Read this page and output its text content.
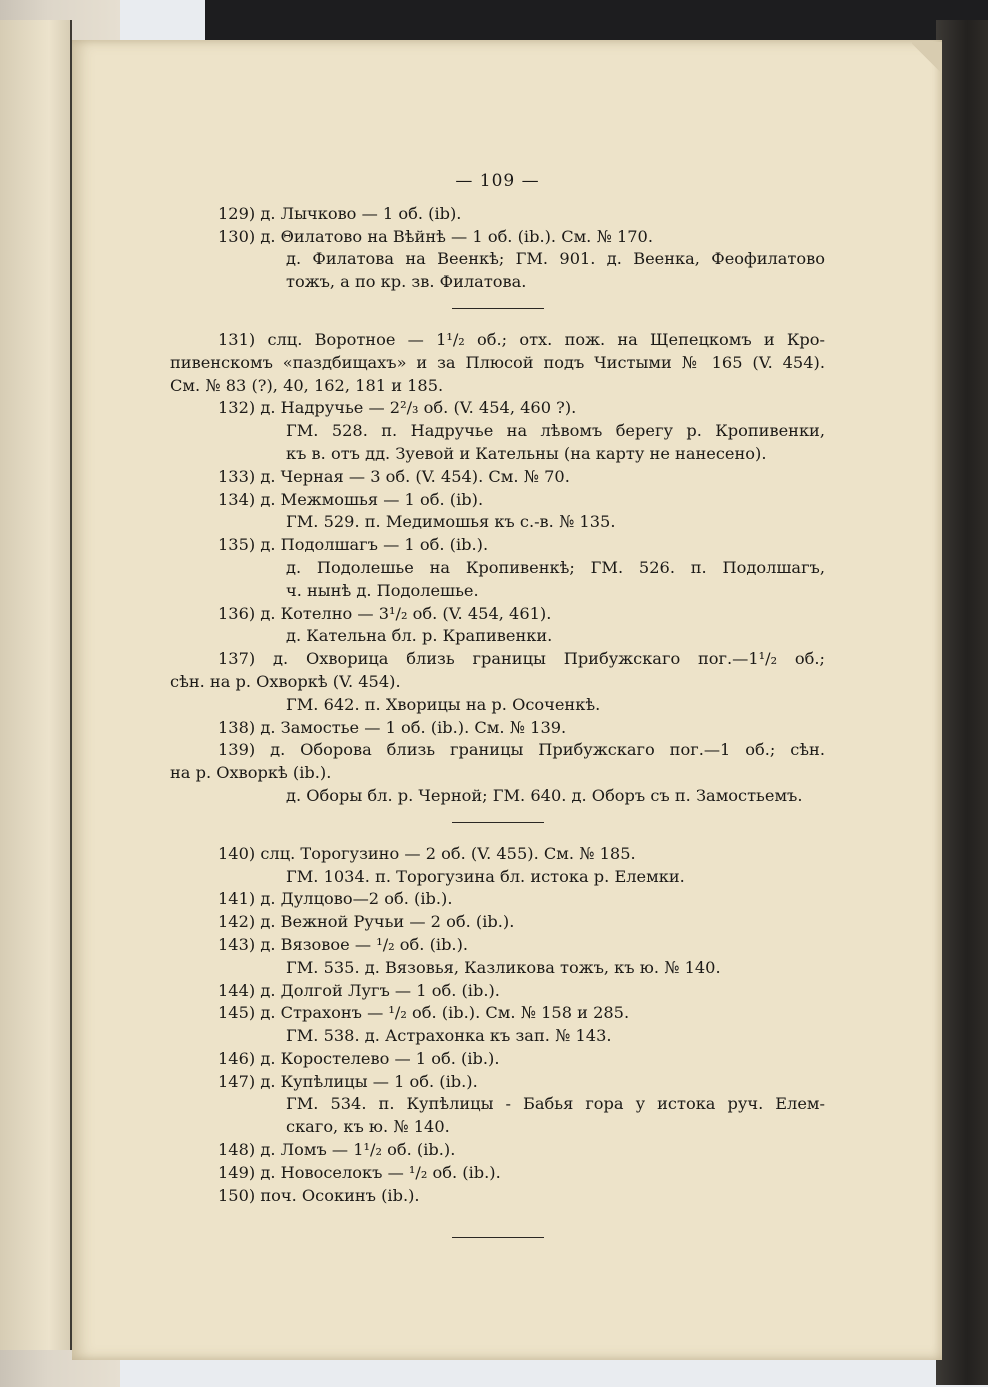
— 109 —
129) д. Лычково — 1 об. (ib).
130) д. Θилатово на Вѣйнѣ — 1 об. (ib.). См. № 170.
д. Филатова на Веенкѣ; ГМ. 901. д. Веенка, Феофилатово
тожъ, а по кр. зв. Филатова.
131) слц. Воротное — 1¹/₂ об.; отх. пож. на Щепецкомъ и Кро-
пивенскомъ «паздбищахъ» и за Плюсой подъ Чистыми № 165 (V. 454).
См. № 83 (?), 40, 162, 181 и 185.
132) д. Надручье — 2²/₃ об. (V. 454, 460 ?).
ГМ. 528. п. Надручье на лѣвомъ берегу р. Кропивенки,
къ в. отъ дд. Зуевой и Кательны (на карту не нанесено).
133) д. Черная — 3 об. (V. 454). См. № 70.
134) д. Межмошья — 1 об. (ib).
ГМ. 529. п. Медимошья къ с.-в. № 135.
135) д. Подолшагъ — 1 об. (ib.).
д. Подолешье на Кропивенкѣ; ГМ. 526. п. Подолшагъ,
ч. нынѣ д. Подолешье.
136) д. Котелно — 3¹/₂ об. (V. 454, 461).
д. Кательна бл. р. Крапивенки.
137) д. Охворица близь границы Прибужскаго пог.—1¹/₂ об.;
сѣн. на р. Охворкѣ (V. 454).
ГМ. 642. п. Хворицы на р. Осоченкѣ.
138) д. Замостье — 1 об. (ib.). См. № 139.
139) д. Оборова близь границы Прибужскаго пог.—1 об.; сѣн.
на р. Охворкѣ (ib.).
д. Оборы бл. р. Черной; ГМ. 640. д. Оборъ съ п. Замостьемъ.
140) слц. Торогузино — 2 об. (V. 455). См. № 185.
ГМ. 1034. п. Торогузина бл. истока р. Елемки.
141) д. Дулцово—2 об. (ib.).
142) д. Вежной Ручьи — 2 об. (ib.).
143) д. Вязовое — ¹/₂ об. (ib.).
ГМ. 535. д. Вязовья, Казликова тожъ, къ ю. № 140.
144) д. Долгой Лугъ — 1 об. (ib.).
145) д. Страхонъ — ¹/₂ об. (ib.). См. № 158 и 285.
ГМ. 538. д. Астрахонка къ зап. № 143.
146) д. Коростелево — 1 об. (ib.).
147) д. Купѣлицы — 1 об. (ib.).
ГМ. 534. п. Купѣлицы - Бабья гора у истока руч. Елем-
скаго, къ ю. № 140.
148) д. Ломъ — 1¹/₂ об. (ib.).
149) д. Новоселокъ — ¹/₂ об. (ib.).
150) поч. Осокинъ (ib.).
